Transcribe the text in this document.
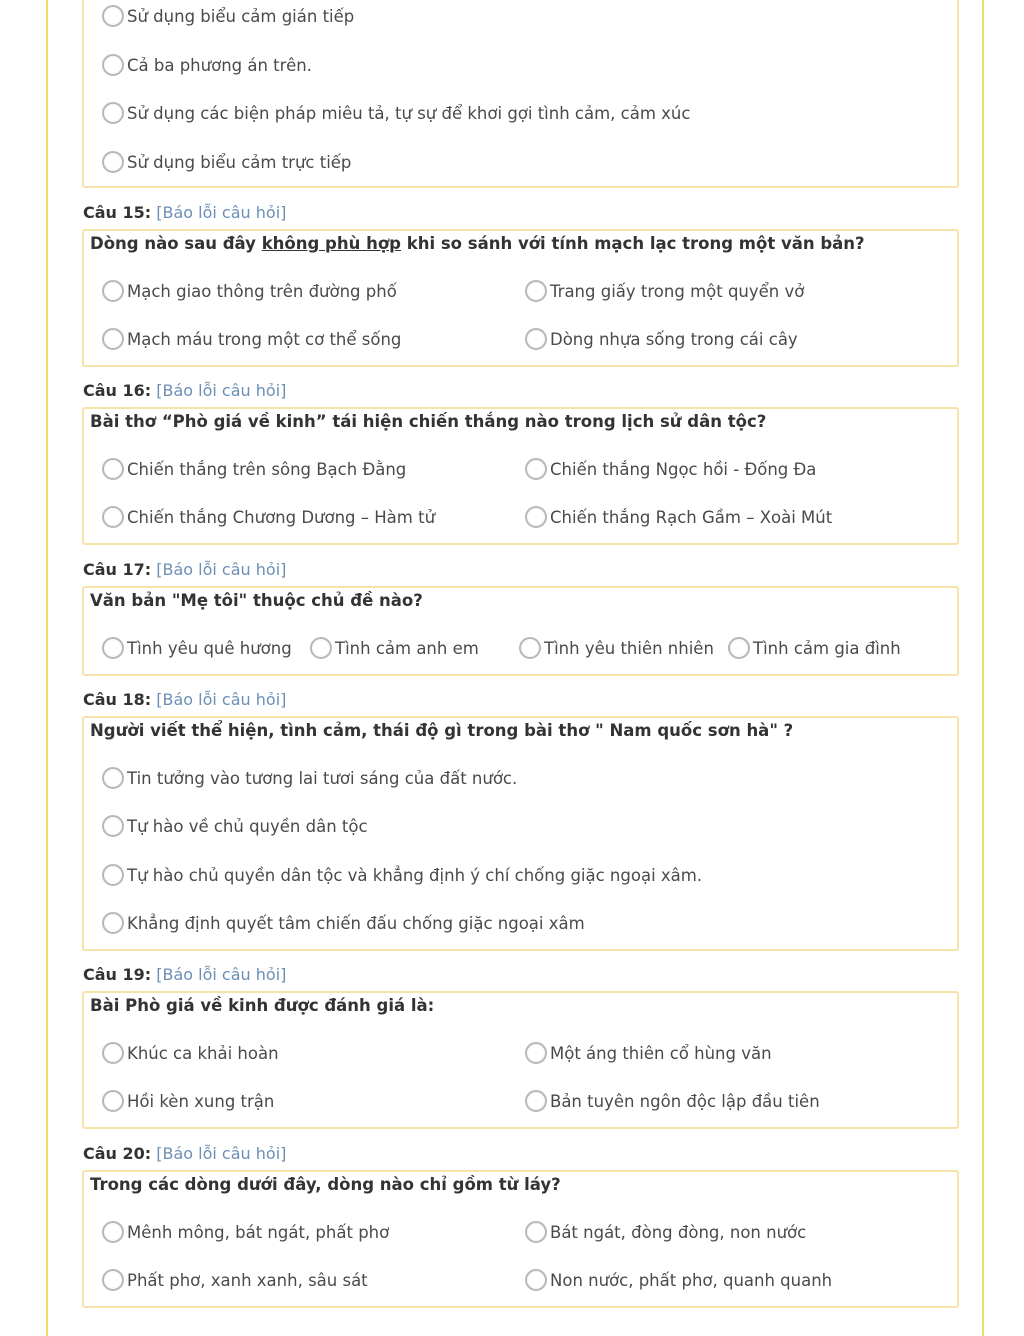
Sử dụng biểu cảm gián tiếp
Cả ba phương án trên.
Sử dụng các biện pháp miêu tả, tự sự để khơi gợi tình cảm, cảm xúc
Sử dụng biểu cảm trực tiếp
Câu 15: [Báo lỗi câu hỏi]
Dòng nào sau đây không phù hợp khi so sánh với tính mạch lạc trong một văn bản?
Mạch giao thông trên đường phố	Trang giấy trong một quyển vở
Mạch máu trong một cơ thể sống	Dòng nhựa sống trong cái cây
Câu 16: [Báo lỗi câu hỏi]
Bài thơ “Phò giá về kinh” tái hiện chiến thắng nào trong lịch sử dân tộc?
Chiến thắng trên sông Bạch Đằng	Chiến thắng Ngọc hồi - Đống Đa
Chiến thắng Chương Dương – Hàm tử	Chiến thắng Rạch Gầm – Xoài Mút
Câu 17: [Báo lỗi câu hỏi]
Văn bản "Mẹ tôi" thuộc chủ đề nào?
Tình yêu quê hương	Tình cảm anh em	Tình yêu thiên nhiên Tình cảm gia đình
Câu 18: [Báo lỗi câu hỏi]
Người viết thể hiện, tình cảm, thái độ gì trong bài thơ " Nam quốc sơn hà" ?
Tin tưởng vào tương lai tươi sáng của đất nước.
Tự hào về chủ quyền dân tộc
Tự hào chủ quyền dân tộc và khẳng định ý chí chống giặc ngoại xâm.
Khẳng định quyết tâm chiến đấu chống giặc ngoại xâm
Câu 19: [Báo lỗi câu hỏi]
Bài Phò giá về kinh được đánh giá là:
Khúc ca khải hoàn	Một áng thiên cổ hùng văn
Hồi kèn xung trận	Bản tuyên ngôn độc lập đầu tiên
Câu 20: [Báo lỗi câu hỏi]
Trong các dòng dưới đây, dòng nào chỉ gồm từ láy?
Mênh mông, bát ngát, phất phơ	Bát ngát, đòng đòng, non nước
Phất phơ, xanh xanh, sâu sát	Non nước, phất phơ, quanh quanh
